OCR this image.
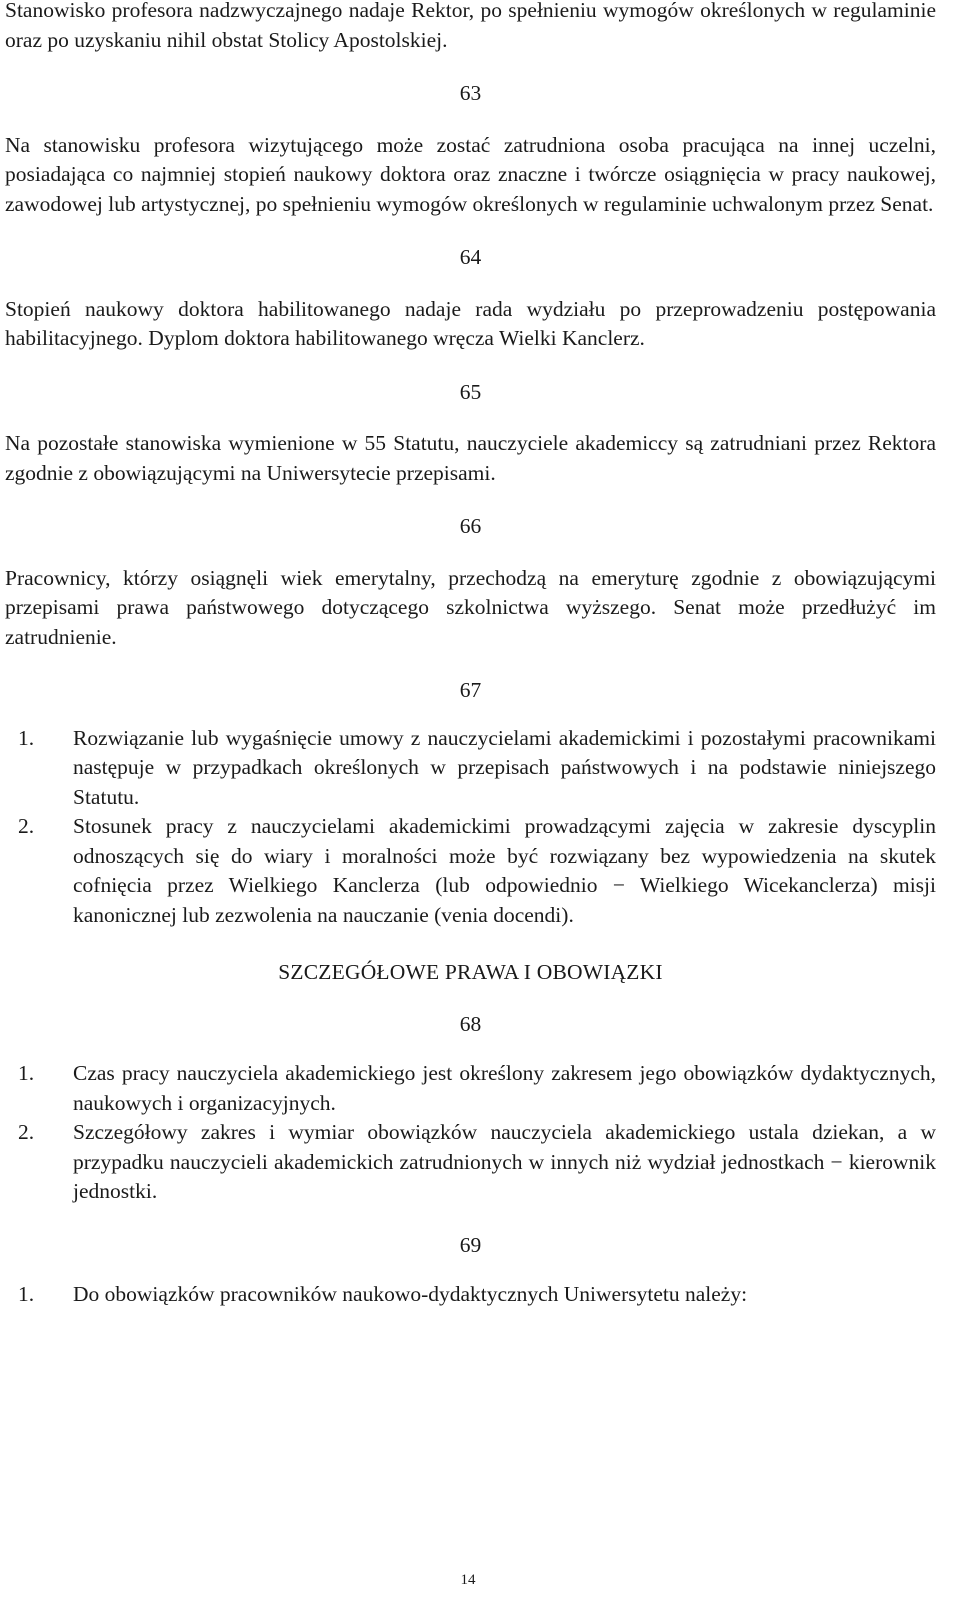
Stanowisko profesora nadzwyczajnego nadaje Rektor, po spełnieniu wymogów określonych w regulaminie oraz po uzyskaniu nihil obstat Stolicy Apostolskiej.

63

Na stanowisku profesora wizytującego może zostać zatrudniona osoba pracująca na innej uczelni, posiadająca co najmniej stopień naukowy doktora oraz znaczne i twórcze osiągnięcia w pracy naukowej, zawodowej lub artystycznej, po spełnieniu wymogów określonych w regulaminie uchwalonym przez Senat.

64

Stopień naukowy doktora habilitowanego nadaje rada wydziału po przeprowadzeniu postępowania habilitacyjnego. Dyplom doktora habilitowanego wręcza Wielki Kanclerz.

65

Na pozostałe stanowiska wymienione w 55 Statutu, nauczyciele akademiccy są zatrudniani przez Rektora zgodnie z obowiązującymi na Uniwersytecie przepisami.

66

Pracownicy, którzy osiągnęli wiek emerytalny, przechodzą na emeryturę zgodnie z obowiązującymi przepisami prawa państwowego dotyczącego szkolnictwa wyższego. Senat może przedłużyć im zatrudnienie.

67

1. Rozwiązanie lub wygaśnięcie umowy z nauczycielami akademickimi i pozostałymi pracownikami następuje w przypadkach określonych w przepisach państwowych i na podstawie niniejszego Statutu.
2. Stosunek pracy z nauczycielami akademickimi prowadzącymi zajęcia w zakresie dyscyplin odnoszących się do wiary i moralności może być rozwiązany bez wypowiedzenia na skutek cofnięcia przez Wielkiego Kanclerza (lub odpowiednio − Wielkiego Wicekanclerza) misji kanonicznej lub zezwolenia na nauczanie (venia docendi).

SZCZEGÓŁOWE PRAWA I OBOWIĄZKI

68

1. Czas pracy nauczyciela akademickiego jest określony zakresem jego obowiązków dydaktycznych, naukowych i organizacyjnych.
2. Szczegółowy zakres i wymiar obowiązków nauczyciela akademickiego ustala dziekan, a w przypadku nauczycieli akademickich zatrudnionych w innych niż wydział jednostkach − kierownik jednostki.

69

1. Do obowiązków pracowników naukowo-dydaktycznych Uniwersytetu należy:
14
